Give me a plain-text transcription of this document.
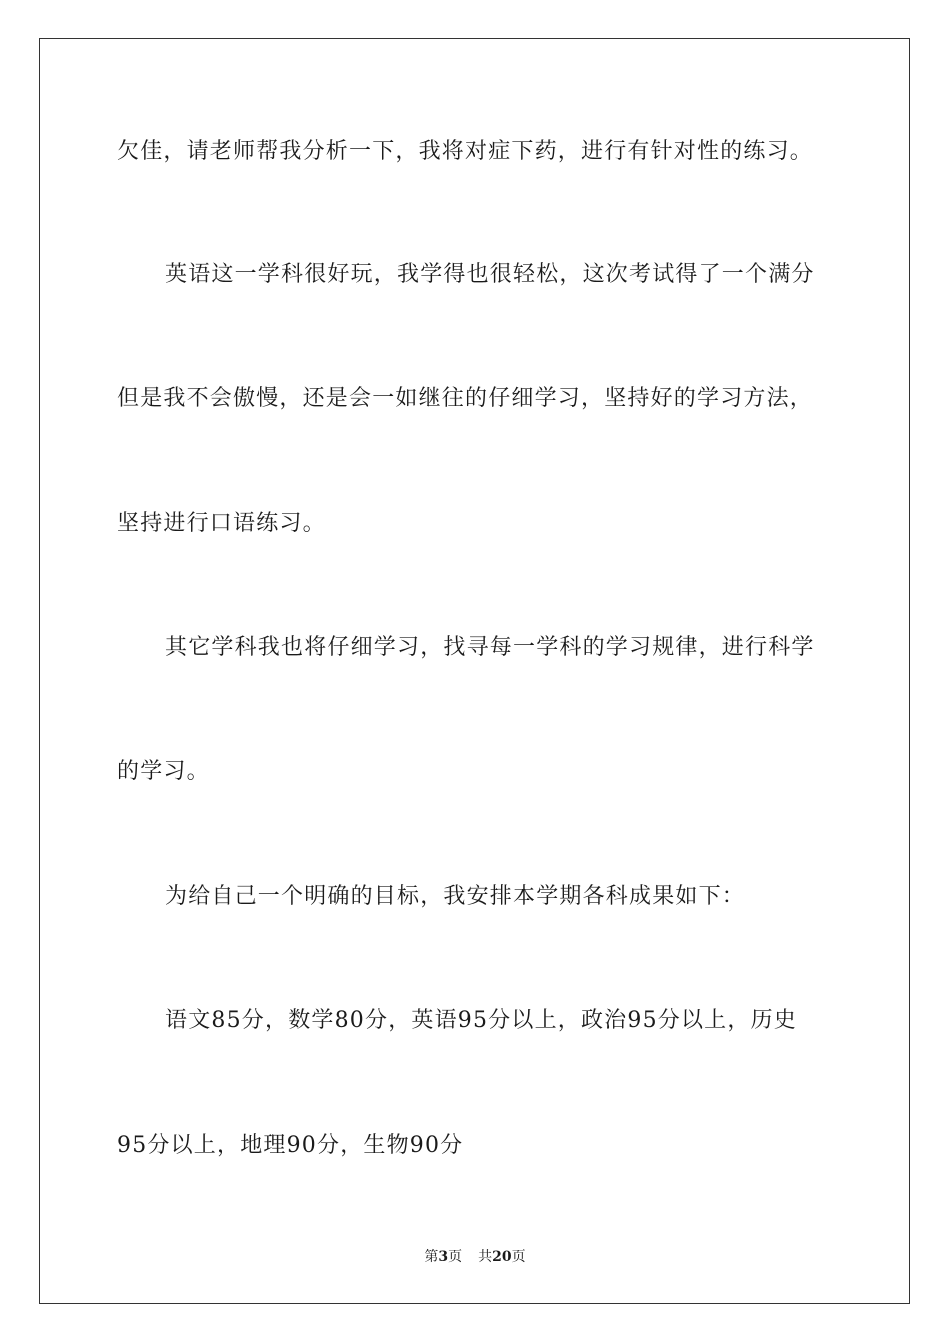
欠佳，请老师帮我分析一下，我将对症下药，进行有针对性的练习。
英语这一学科很好玩，我学得也很轻松，这次考试得了一个满分
但是我不会傲慢，还是会一如继往的仔细学习，坚持好的学习方法，
坚持进行口语练习。
其它学科我也将仔细学习，找寻每一学科的学习规律，进行科学
的学习。
为给自己一个明确的目标，我安排本学期各科成果如下：
语文85分，数学80分，英语95分以上，政治95分以上，历史
95分以上，地理90分，生物90分
第3页 共20页
